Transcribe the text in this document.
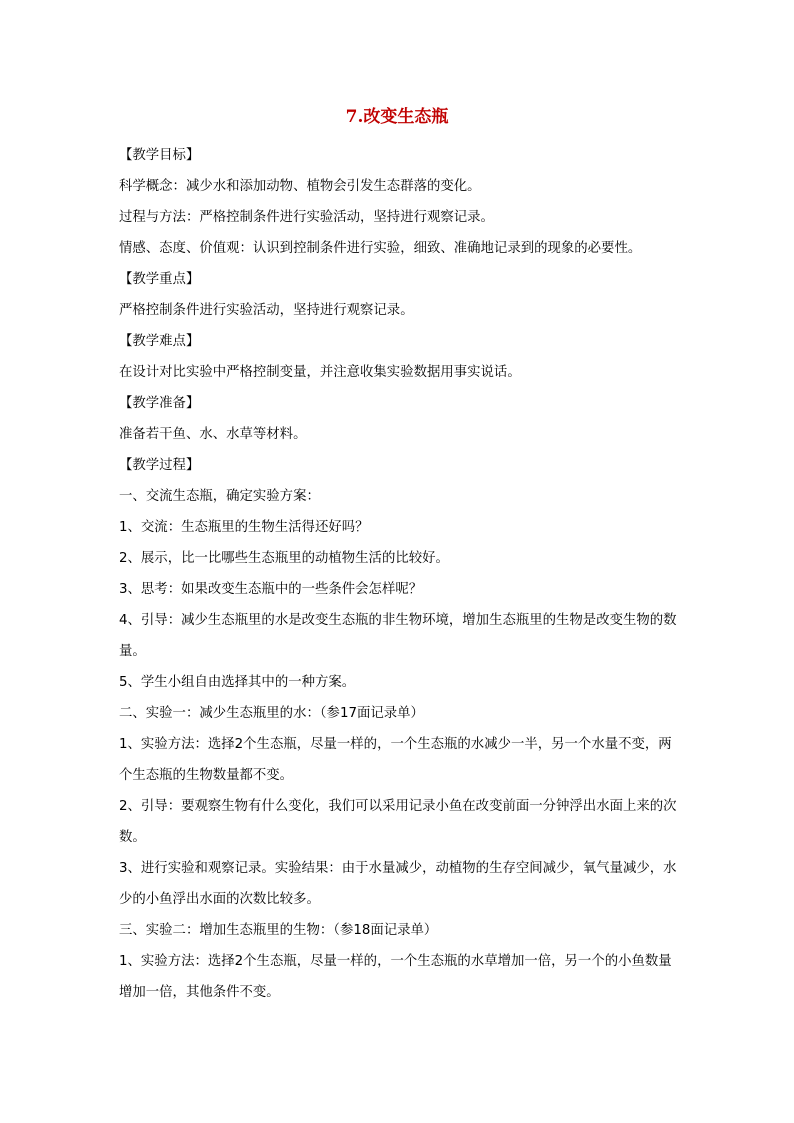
7.改变生态瓶

【教学目标】

科学概念：减少水和添加动物、植物会引发生态群落的变化。

过程与方法：严格控制条件进行实验活动，坚持进行观察记录。

情感、态度、价值观：认识到控制条件进行实验，细致、准确地记录到的现象的必要性。

【教学重点】

严格控制条件进行实验活动，坚持进行观察记录。

【教学难点】

在设计对比实验中严格控制变量，并注意收集实验数据用事实说话。

【教学准备】

准备若干鱼、水、水草等材料。

【教学过程】

一、交流生态瓶，确定实验方案：

1、交流：生态瓶里的生物生活得还好吗？

2、展示，比一比哪些生态瓶里的动植物生活的比较好。

3、思考：如果改变生态瓶中的一些条件会怎样呢？

4、引导：减少生态瓶里的水是改变生态瓶的非生物环境，增加生态瓶里的生物是改变生物的数量。

5、学生小组自由选择其中的一种方案。

二、实验一：减少生态瓶里的水：（参17面记录单）

1、实验方法：选择2个生态瓶，尽量一样的，一个生态瓶的水减少一半，另一个水量不变，两个生态瓶的生物数量都不变。

2、引导：要观察生物有什么变化，我们可以采用记录小鱼在改变前面一分钟浮出水面上来的次数。

3、进行实验和观察记录。实验结果：由于水量减少，动植物的生存空间减少，氧气量减少，水少的小鱼浮出水面的次数比较多。

三、实验二：增加生态瓶里的生物：（参18面记录单）

1、实验方法：选择2个生态瓶，尽量一样的，一个生态瓶的水草增加一倍，另一个的小鱼数量增加一倍，其他条件不变。
